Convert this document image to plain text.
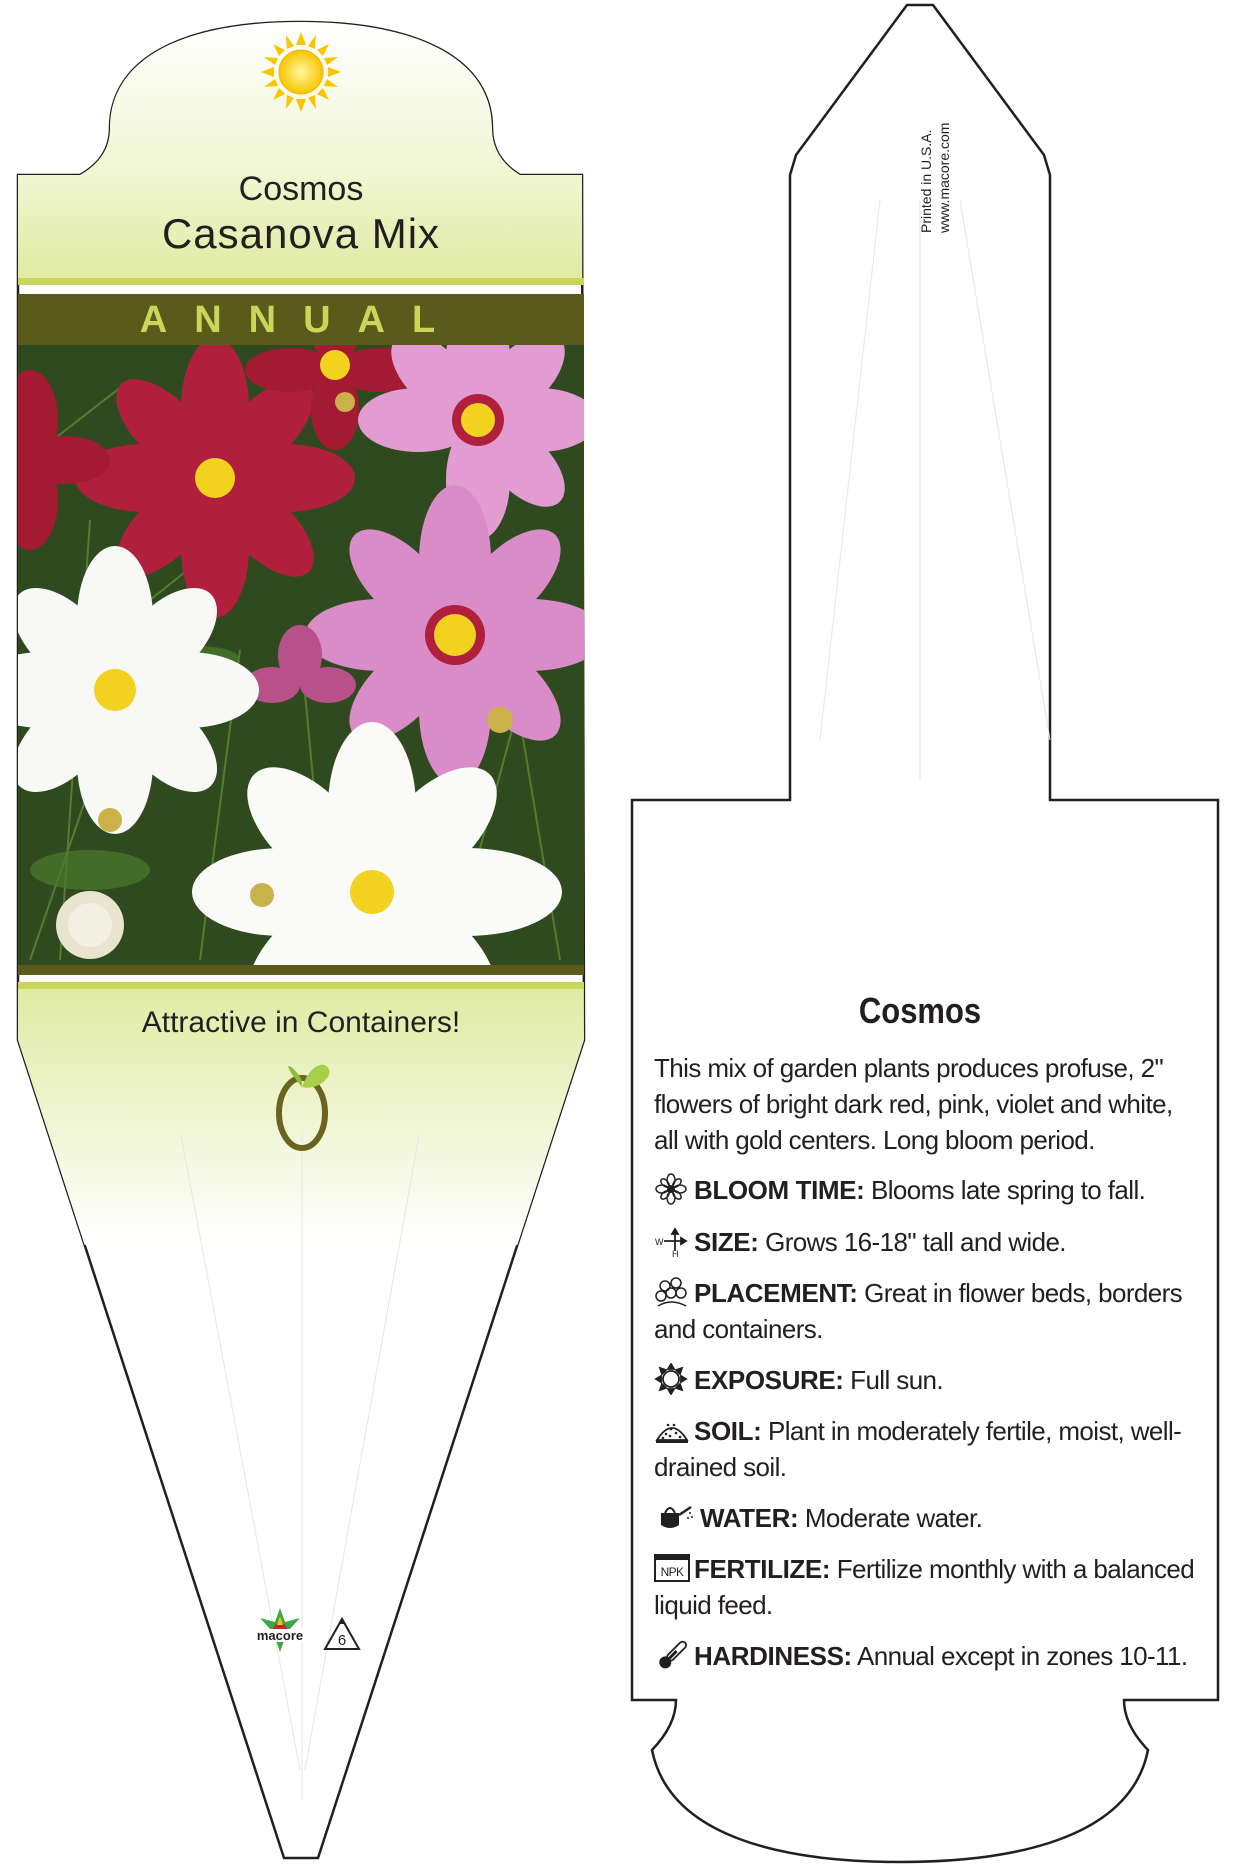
Cosmos
Casanova Mix
ANNUAL
Attractive in Containers!
macore 6
Printed in U.S.A. www.macore.com
Cosmos
This mix of garden plants produces profuse, 2" flowers of bright dark red, pink, violet and white, all with gold centers. Long bloom period.
BLOOM TIME: Blooms late spring to fall.
W
H SIZE: Grows 16-18" tall and wide.
PLACEMENT: Great in flower beds, borders and containers.
EXPOSURE: Full sun.
SOIL: Plant in moderately fertile, moist, well-drained soil.
WATER: Moderate water.
NPK FERTILIZE: Fertilize monthly with a balanced liquid feed.
HARDINESS: Annual except in zones 10-11.
